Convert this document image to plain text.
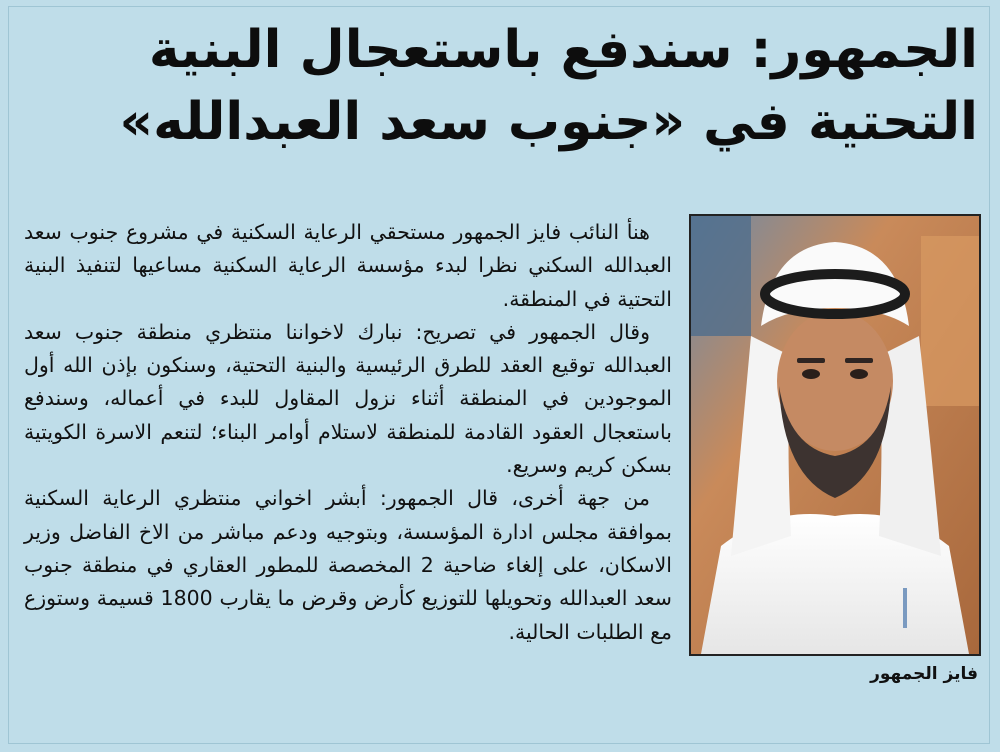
الجمهور: سندفع باستعجال البنية
التحتية في «جنوب سعد العبدالله»

هنأ النائب فايز الجمهور مستحقي الرعاية السكنية في مشروع جنوب سعد العبدالله السكني نظرا لبدء مؤسسة الرعاية السكنية مساعيها لتنفيذ البنية التحتية في المنطقة.

وقال الجمهور في تصريح: نبارك لاخواننا منتظري منطقة جنوب سعد العبدالله توقيع العقد للطرق الرئيسية والبنية التحتية، وسنكون بإذن الله أول الموجودين في المنطقة أثناء نزول المقاول للبدء في أعماله، وسندفع باستعجال العقود القادمة للمنطقة لاستلام أوامر البناء؛ لتنعم الاسرة الكويتية بسكن كريم وسريع.

من جهة أخرى، قال الجمهور: أبشر اخواني منتظري الرعاية السكنية بموافقة مجلس ادارة المؤسسة، وبتوجيه ودعم مباشر من الاخ الفاضل وزير الاسكان، على إلغاء ضاحية 2 المخصصة للمطور العقاري في منطقة جنوب سعد العبدالله وتحويلها للتوزيع كأرض وقرض ما يقارب 1800 قسيمة وستوزع مع الطلبات الحالية.

فايز الجمهور
